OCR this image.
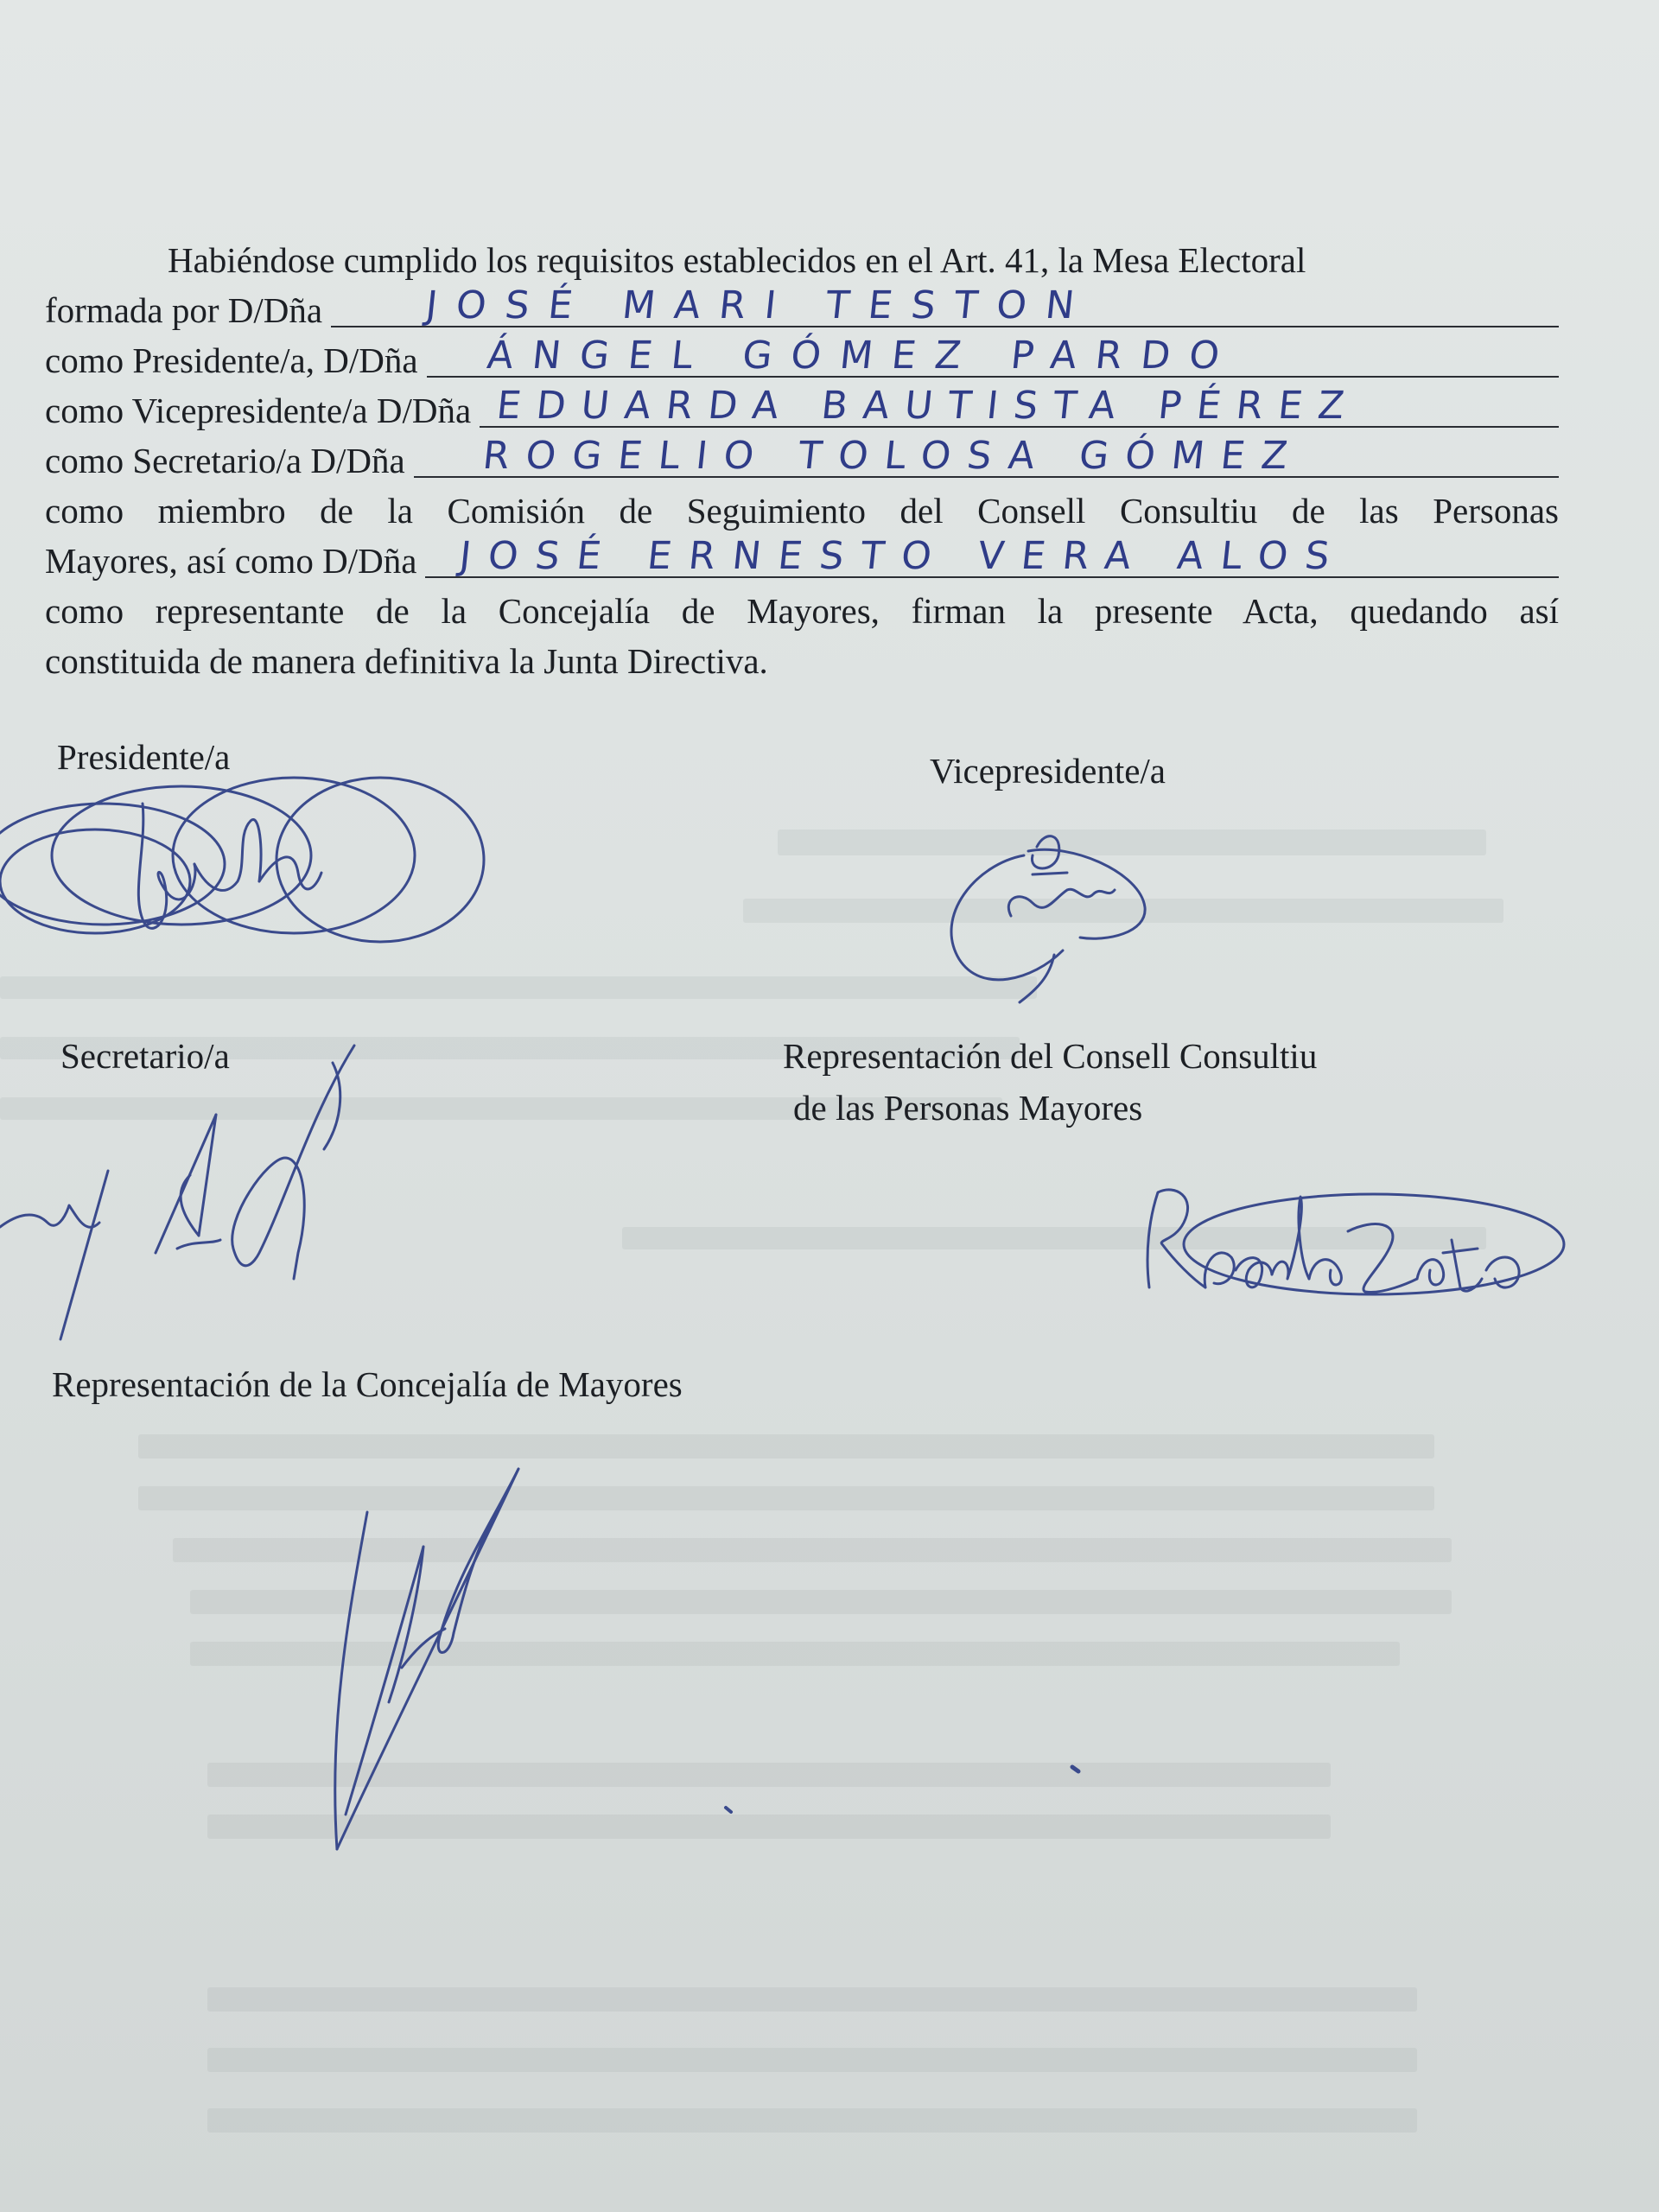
Habiéndose cumplido los requisitos establecidos en el Art. 41, la Mesa Electoral
formada por D/Dña	JOSÉ MARI TESTON
como Presidente/a, D/Dña ÁNGEL GÓMEZ PARDO
como Vicepresidente/a D/Dña EDUARDA BAUTISTA PÉREZ
como Secretario/a D/Dña ROGELIO TOLOSA GÓMEZ
como miembro de la Comisión de Seguimiento del Consell Consultiu de las Personas
Mayores, así como D/Dña JOSÉ ERNESTO VERA ALOS
como representante de la Concejalía de Mayores, firman la presente Acta, quedando así
constituida de manera definitiva la Junta Directiva.

Presidente/a	Vicepresidente/a

Secretario/a	Representación del Consell Consultiu

de las Personas Mayores

Representación de la Concejalía de Mayores
